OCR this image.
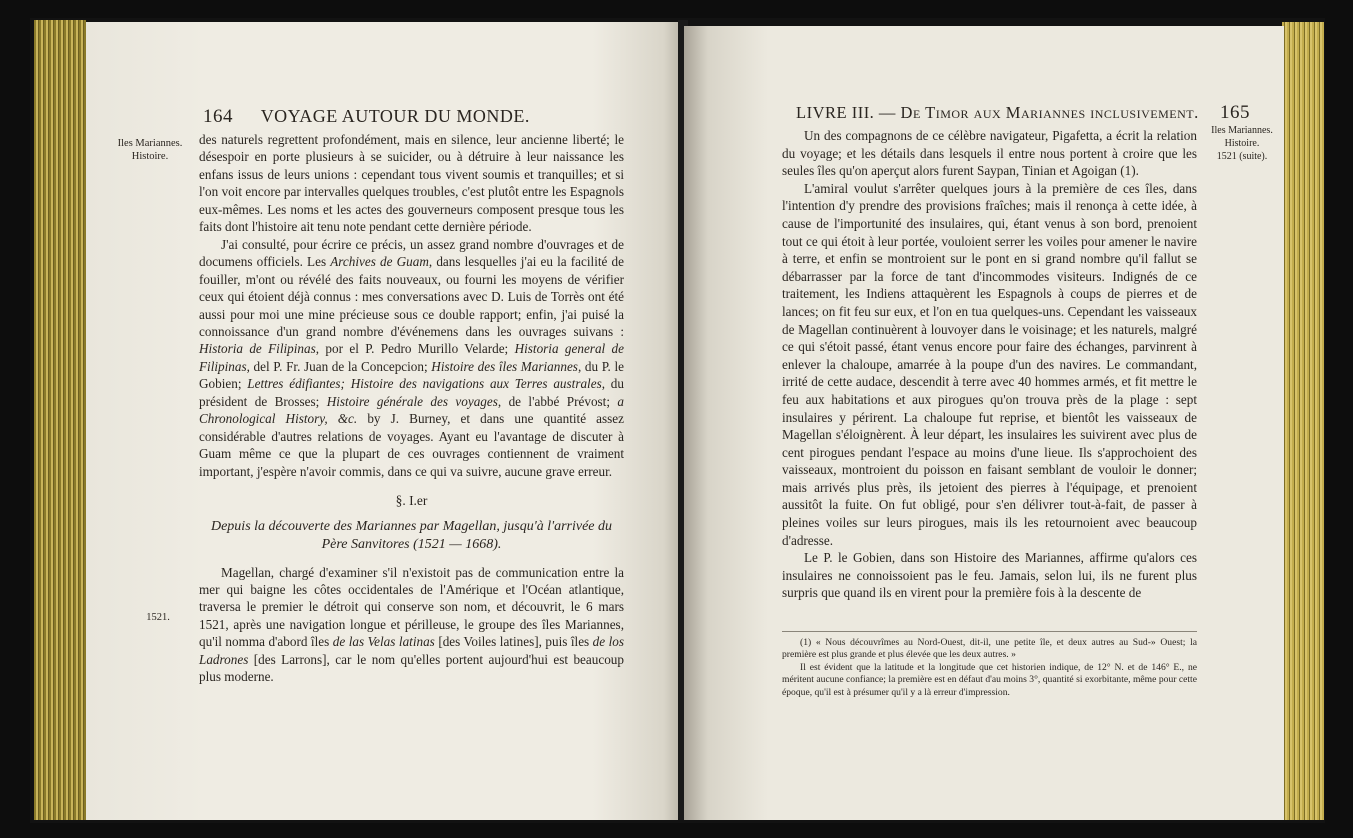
164 VOYAGE AUTOUR DU MONDE.
Iles Mariannes.
Histoire.
1521.

des naturels regrettent profondément, mais en silence, leur ancienne liberté; le désespoir en porte plusieurs à se suicider, ou à détruire à leur naissance les enfans issus de leurs unions : cependant tous vivent soumis et tranquilles; et si l'on voit encore par intervalles quelques troubles, c'est plutôt entre les Espagnols eux-mêmes. Les noms et les actes des gouverneurs composent presque tous les faits dont l'histoire ait tenu note pendant cette dernière période.

J'ai consulté, pour écrire ce précis, un assez grand nombre d'ouvrages et de documens officiels. Les Archives de Guam, dans lesquelles j'ai eu la facilité de fouiller, m'ont ou révélé des faits nouveaux, ou fourni les moyens de vérifier ceux qui étoient déjà connus : mes conversations avec D. Luis de Torrès ont été aussi pour moi une mine précieuse sous ce double rapport; enfin, j'ai puisé la connoissance d'un grand nombre d'événemens dans les ouvrages suivans : Historia de Filipinas, por el P. Pedro Murillo Velarde; Historia general de Filipinas, del P. Fr. Juan de la Concepcion; Histoire des îles Mariannes, du P. le Gobien; Lettres édifiantes; Histoire des navigations aux Terres australes, du président de Brosses; Histoire générale des voyages, de l'abbé Prévost; a Chronological History, &c. by J. Burney, et dans une quantité assez considérable d'autres relations de voyages. Ayant eu l'avantage de discuter à Guam même ce que la plupart de ces ouvrages contiennent de vraiment important, j'espère n'avoir commis, dans ce qui va suivre, aucune grave erreur.

§. I.er
Depuis la découverte des Mariannes par Magellan, jusqu'à l'arrivée du Père Sanvitores (1521 — 1668).

Magellan, chargé d'examiner s'il n'existoit pas de communication entre la mer qui baigne les côtes occidentales de l'Amérique et l'Océan atlantique, traversa le premier le détroit qui conserve son nom, et découvrit, le 6 mars 1521, après une navigation longue et périlleuse, le groupe des îles Mariannes, qu'il nomma d'abord îles de las Velas latinas [des Voiles latines], puis îles de los Ladrones [des Larrons], car le nom qu'elles portent aujourd'hui est beaucoup plus moderne.

LIVRE III. — De Timor aux Mariannes inclusivement. 165
Iles Mariannes.
Histoire.
1521 (suite).

Un des compagnons de ce célèbre navigateur, Pigafetta, a écrit la relation du voyage; et les détails dans lesquels il entre nous portent à croire que les seules îles qu'on aperçut alors furent Saypan, Tinian et Agoigan (1).

L'amiral voulut s'arrêter quelques jours à la première de ces îles, dans l'intention d'y prendre des provisions fraîches; mais il renonça à cette idée, à cause de l'importunité des insulaires, qui, étant venus à son bord, prenoient tout ce qui étoit à leur portée, vouloient serrer les voiles pour amener le navire à terre, et enfin se montroient sur le pont en si grand nombre qu'il fallut se débarrasser par la force de tant d'incommodes visiteurs. Indignés de ce traitement, les Indiens attaquèrent les Espagnols à coups de pierres et de lances; on fit feu sur eux, et l'on en tua quelques-uns. Cependant les vaisseaux de Magellan continuèrent à louvoyer dans le voisinage; et les naturels, malgré ce qui s'étoit passé, étant venus encore pour faire des échanges, parvinrent à enlever la chaloupe, amarrée à la poupe d'un des navires. Le commandant, irrité de cette audace, descendit à terre avec 40 hommes armés, et fit mettre le feu aux habitations et aux pirogues qu'on trouva près de la plage : sept insulaires y périrent. La chaloupe fut reprise, et bientôt les vaisseaux de Magellan s'éloignèrent. À leur départ, les insulaires les suivirent avec plus de cent pirogues pendant l'espace au moins d'une lieue. Ils s'approchoient des vaisseaux, montroient du poisson en faisant semblant de vouloir le donner; mais arrivés plus près, ils jetoient des pierres à l'équipage, et prenoient aussitôt la fuite. On fut obligé, pour s'en délivrer tout-à-fait, de passer à pleines voiles sur leurs pirogues, mais ils les retournoient avec beaucoup d'adresse.

Le P. le Gobien, dans son Histoire des Mariannes, affirme qu'alors ces insulaires ne connoissoient pas le feu. Jamais, selon lui, ils ne furent plus surpris que quand ils en virent pour la première fois à la descente de

(1) « Nous découvrîmes au Nord-Ouest, dit-il, une petite île, et deux autres au Sud-» Ouest; la première est plus grande et plus élevée que les deux autres. »

Il est évident que la latitude et la longitude que cet historien indique, de 12° N. et de 146° E., ne méritent aucune confiance; la première est en défaut d'au moins 3°, quantité si exorbitante, même pour cette époque, qu'il est à présumer qu'il y a là erreur d'impression.
